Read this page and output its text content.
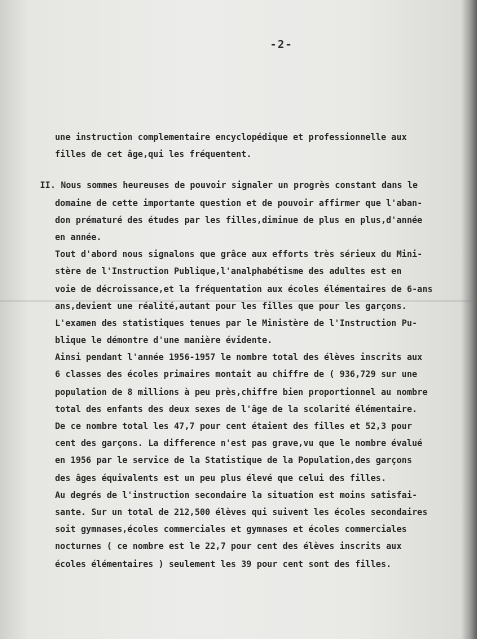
-2-
une instruction complementaire encyclopédique et professionnelle aux
filles de cet âge,qui les fréquentent.
II. Nous sommes heureuses de pouvoir signaler un progrès constant dans le
domaine de cette importante question et de pouvoir affirmer que l'aban-
don prématuré des études par les filles,diminue de plus en plus,d'année
en année.
Tout d'abord nous signalons que grâce aux efforts très sérieux du Mini-
stère de l'Instruction Publique,l'analphabétisme des adultes est en
voie de décroissance,et la fréquentation aux écoles élémentaires de 6-ans
ans,devient une réalité,autant pour les filles que pour les garçons.
L'examen des statistiques tenues par le Ministère de l'Instruction Pu-
blique le démontre d'une manière évidente.
Ainsi pendant l'année 1956-1957 le nombre total des élèves inscrits aux
6 classes des écoles primaires montait au chiffre de ( 936,729 sur une
population de 8 millions à peu près,chiffre bien proportionnel au nombre
total des enfants des deux sexes de l'âge de la scolarité élémentaire.
De ce nombre total les 47,7 pour cent étaient des filles et 52,3 pour
cent des garçons. La difference n'est pas grave,vu que le nombre évalué
en 1956 par le service de la Statistique de la Population,des garçons
des âges équivalents est un peu plus élevé que celui des filles.
Au degrés de l'instruction secondaire la situation est moins satisfai-
sante. Sur un total de 212,500 élèves qui suivent les écoles secondaires
soit gymnases,écoles commerciales et gymnases et écoles commerciales
nocturnes ( ce nombre est le 22,7 pour cent des élèves inscrits aux
écoles élémentaires ) seulement les 39 pour cent sont des filles.
